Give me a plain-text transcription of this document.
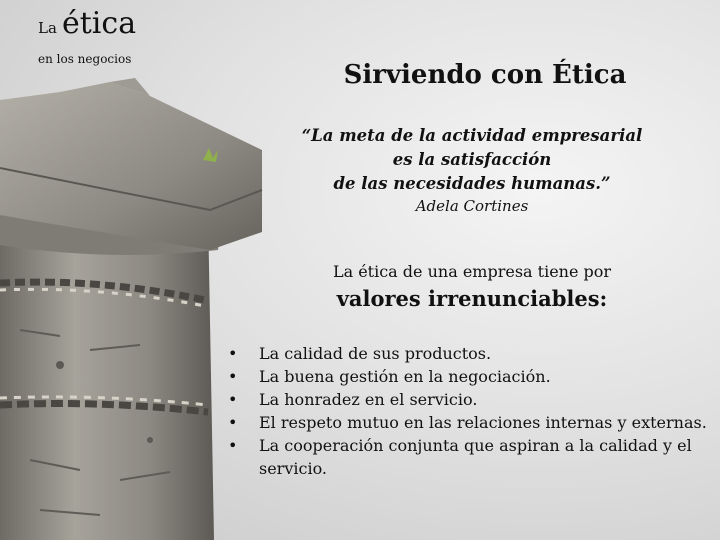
La ética
en los negocios
Sirviendo con Ética
“La meta de la actividad empresarial
es la satisfacción
de las necesidades humanas.”
Adela Cortines
La ética de una empresa tiene por
valores irrenunciables:
• La calidad de sus productos.
• La buena gestión en la negociación.
• La honradez en el servicio.
• El respeto mutuo en las relaciones internas y externas.
• La cooperación conjunta que aspiran a la calidad y el servicio.
